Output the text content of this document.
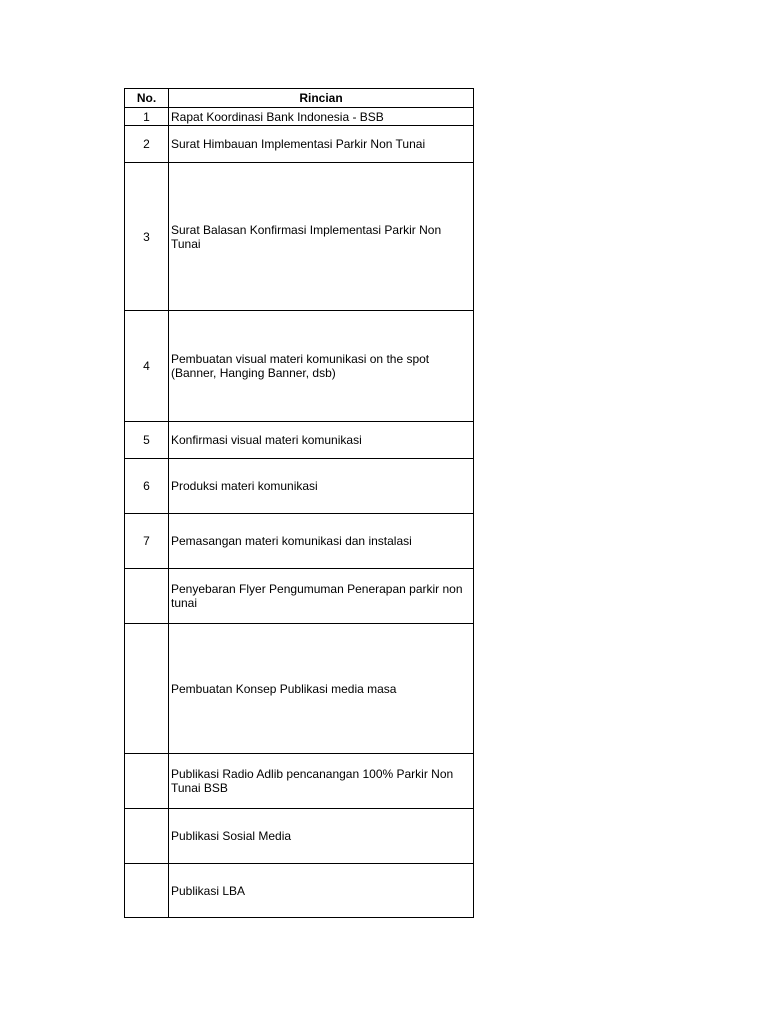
No.	Rincian
1	Rapat Koordinasi Bank Indonesia - BSB
2	Surat Himbauan Implementasi Parkir Non Tunai
3	Surat Balasan Konfirmasi Implementasi Parkir Non Tunai
4	Pembuatan visual materi komunikasi on the spot (Banner, Hanging Banner, dsb)
5	Konfirmasi visual materi komunikasi
6	Produksi materi komunikasi
7	Pemasangan materi komunikasi dan instalasi
	Penyebaran Flyer Pengumuman Penerapan parkir non tunai
	Pembuatan Konsep Publikasi media masa
	Publikasi Radio Adlib pencanangan 100% Parkir Non Tunai BSB
	Publikasi Sosial Media
	Publikasi LBA
